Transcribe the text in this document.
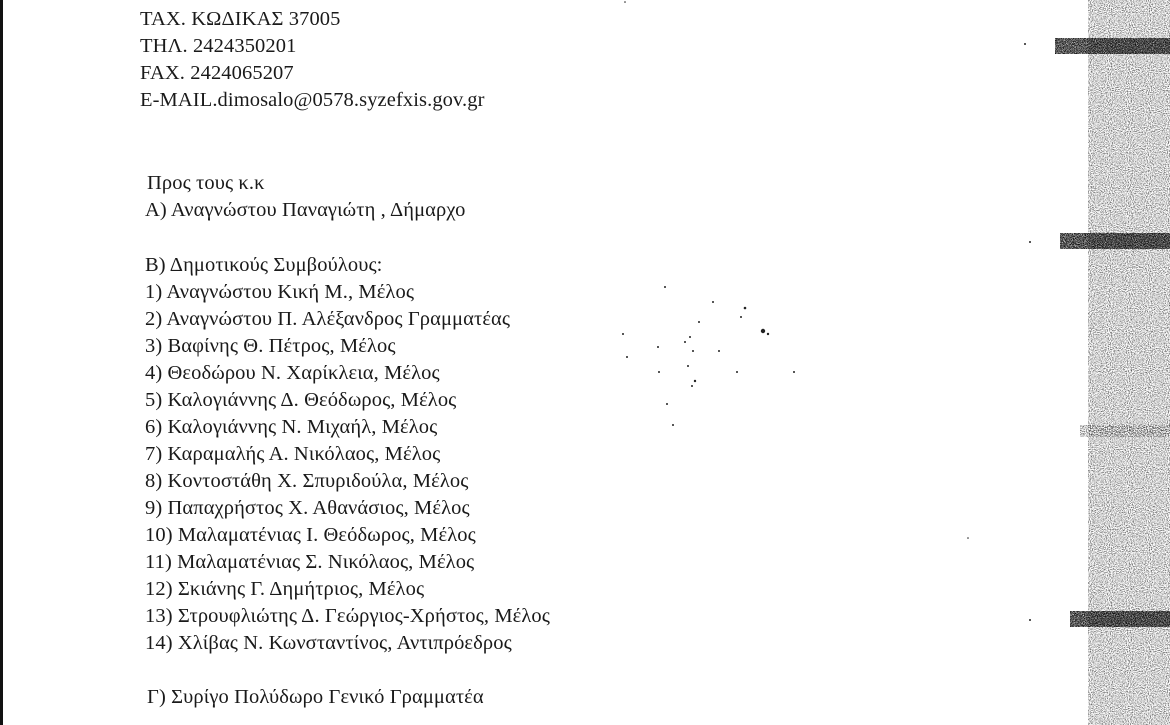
ΤΑΧ. ΚΩΔΙΚΑΣ 37005
ΤΗΛ. 2424350201
FAX. 2424065207
E-MAIL.dimosalo@0578.syzefxis.gov.gr
Προς τους κ.κ
Α) Αναγνώστου Παναγιώτη , Δήμαρχο
Β) Δημοτικούς Συμβούλους:
1) Αναγνώστου Κική Μ., Μέλος
2) Αναγνώστου Π. Αλέξανδρος Γραμματέας
3) Βαφίνης Θ. Πέτρος, Μέλος
4) Θεοδώρου Ν. Χαρίκλεια, Μέλος
5) Καλογιάννης Δ. Θεόδωρος, Μέλος
6) Καλογιάννης Ν. Μιχαήλ, Μέλος
7) Καραμαλής Α. Νικόλαος, Μέλος
8) Κοντοστάθη Χ. Σπυριδούλα, Μέλος
9) Παπαχρήστος Χ. Αθανάσιος, Μέλος
10) Μαλαματένιας Ι. Θεόδωρος, Μέλος
11) Μαλαματένιας Σ. Νικόλαος, Μέλος
12) Σκιάνης Γ. Δημήτριος, Μέλος
13) Στρουφλιώτης Δ. Γεώργιος-Χρήστος, Μέλος
14) Χλίβας Ν. Κωνσταντίνος, Αντιπρόεδρος
Γ) Συρίγο Πολύδωρο Γενικό Γραμματέα
